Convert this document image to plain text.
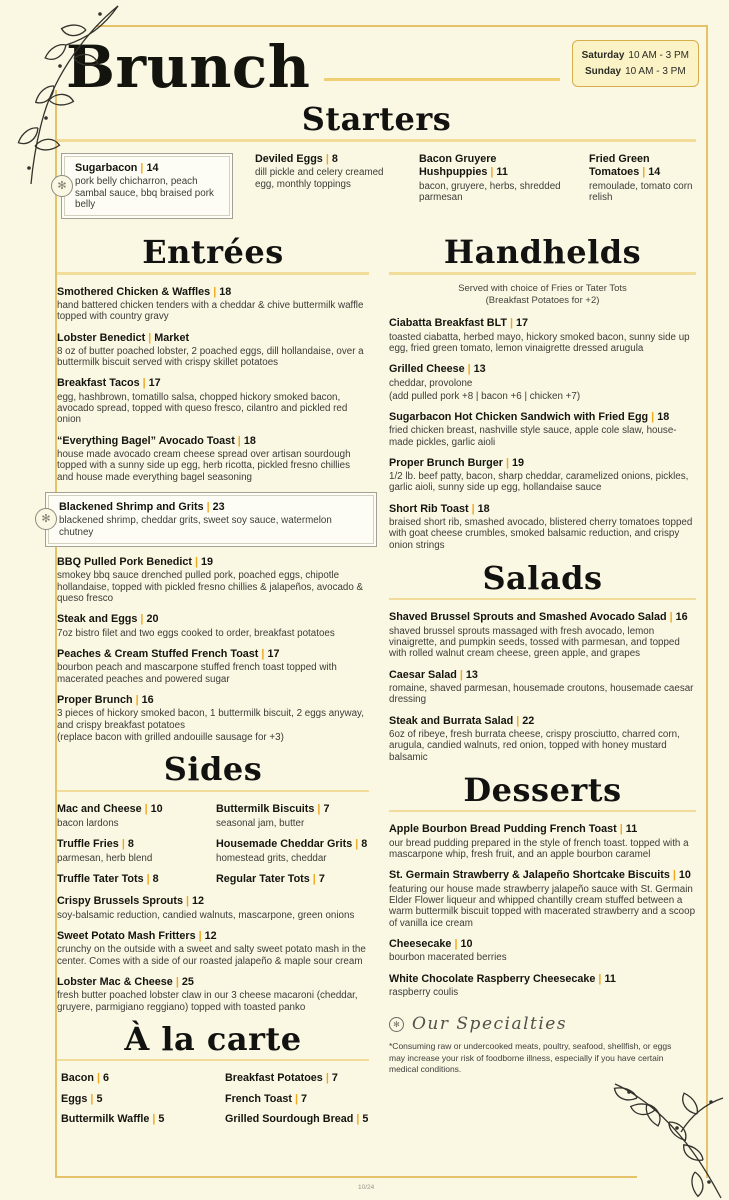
Brunch	Saturday 10 AM - 3 PM
Sunday 10 AM - 3 PM
Starters
✻
Sugarbacon | 14
pork belly chicharron, peach sambal sauce, bbq braised pork belly
Deviled Eggs | 8
dill pickle and celery creamed egg, monthly toppings
Bacon Gruyere Hushpuppies | 11
bacon, gruyere, herbs, shredded parmesan
Fried Green Tomatoes | 14
remoulade, tomato corn relish
Entrées
Smothered Chicken & Waffles | 18
hand battered chicken tenders with a cheddar & chive buttermilk waffle topped with country gravy
Lobster Benedict | Market
8 oz of butter poached lobster, 2 poached eggs, dill hollandaise, over a buttermilk biscuit served with crispy skillet potatoes
Breakfast Tacos | 17
egg, hashbrown, tomatillo salsa, chopped hickory smoked bacon, avocado spread, topped with queso fresco, cilantro and pickled red onion
“Everything Bagel” Avocado Toast | 18
house made avocado cream cheese spread over artisan sourdough topped with a sunny side up egg, herb ricotta, pickled fresno chillies and house made everything bagel seasoning
✻
Blackened Shrimp and Grits | 23
blackened shrimp, cheddar grits, sweet soy sauce, watermelon chutney
BBQ Pulled Pork Benedict | 19
smokey bbq sauce drenched pulled pork, poached eggs, chipotle hollandaise, topped with pickled fresno chillies & jalapeños, avocado & queso fresco
Steak and Eggs | 20
7oz bistro filet and two eggs cooked to order, breakfast potatoes
Peaches & Cream Stuffed French Toast | 17
bourbon peach and mascarpone stuffed french toast topped with macerated peaches and powered sugar
Proper Brunch | 16
3 pieces of hickory smoked bacon, 1 buttermilk biscuit, 2 eggs anyway, and crispy breakfast potatoes
(replace bacon with grilled andouille sausage for +3)
Sides
Mac and Cheese | 10
bacon lardons
Buttermilk Biscuits | 7
seasonal jam, butter
Truffle Fries | 8
parmesan, herb blend
Housemade Cheddar Grits | 8
homestead grits, cheddar
Truffle Tater Tots | 8	Regular Tater Tots | 7
Crispy Brussels Sprouts | 12
soy-balsamic reduction, candied walnuts, mascarpone, green onions
Sweet Potato Mash Fritters | 12
crunchy on the outside with a sweet and salty sweet potato mash in the center. Comes with a side of our roasted jalapeño & maple sour cream
Lobster Mac & Cheese | 25
fresh butter poached lobster claw in our 3 cheese macaroni (cheddar, gruyere, parmigiano reggiano) topped with toasted panko
À la carte
Bacon | 6
Eggs | 5
Buttermilk Waffle | 5
Breakfast Potatoes | 7
French Toast | 7
Grilled Sourdough Bread | 5
Handhelds
Served with choice of Fries or Tater Tots
(Breakfast Potatoes for +2)
Ciabatta Breakfast BLT | 17
toasted ciabatta, herbed mayo, hickory smoked bacon, sunny side up egg, fried green tomato, lemon vinaigrette dressed arugula
Grilled Cheese | 13
cheddar, provolone
(add pulled pork +8 | bacon +6 | chicken +7)
Sugarbacon Hot Chicken Sandwich with Fried Egg | 18
fried chicken breast, nashville style sauce, apple cole slaw, house-made pickles, garlic aioli
Proper Brunch Burger | 19
1/2 lb. beef patty, bacon, sharp cheddar, caramelized onions, pickles, garlic aioli, sunny side up egg, hollandaise sauce
Short Rib Toast | 18
braised short rib, smashed avocado, blistered cherry tomatoes topped with goat cheese crumbles, smoked balsamic reduction, and crispy onion strings
Salads
Shaved Brussel Sprouts and Smashed Avocado Salad | 16
shaved brussel sprouts massaged with fresh avocado, lemon vinaigrette, and pumpkin seeds, tossed with parmesan, and topped with rolled walnut cream cheese, green apple, and grapes
Caesar Salad | 13
romaine, shaved parmesan, housemade croutons, housemade caesar dressing
Steak and Burrata Salad | 22
6oz of ribeye, fresh burrata cheese, crispy prosciutto, charred corn, arugula, candied walnuts, red onion, topped with honey mustard balsamic
Desserts
Apple Bourbon Bread Pudding French Toast | 11
our bread pudding prepared in the style of french toast. topped with a mascarpone whip, fresh fruit, and an apple bourbon caramel
St. Germain Strawberry & Jalapeño Shortcake Biscuits | 10
featuring our house made strawberry jalapeño sauce with St. Germain Elder Flower liqueur and whipped chantilly cream stuffed between a warm buttermilk biscuit topped with macerated strawberry and a scoop of vanilla ice cream
Cheesecake | 10
bourbon macerated berries
White Chocolate Raspberry Cheesecake | 11
raspberry coulis
✻ Our Specialties
*Consuming raw or undercooked meats, poultry, seafood, shellfish, or eggs may increase your risk of foodborne illness, especially if you have certain medical conditions.
10/24
